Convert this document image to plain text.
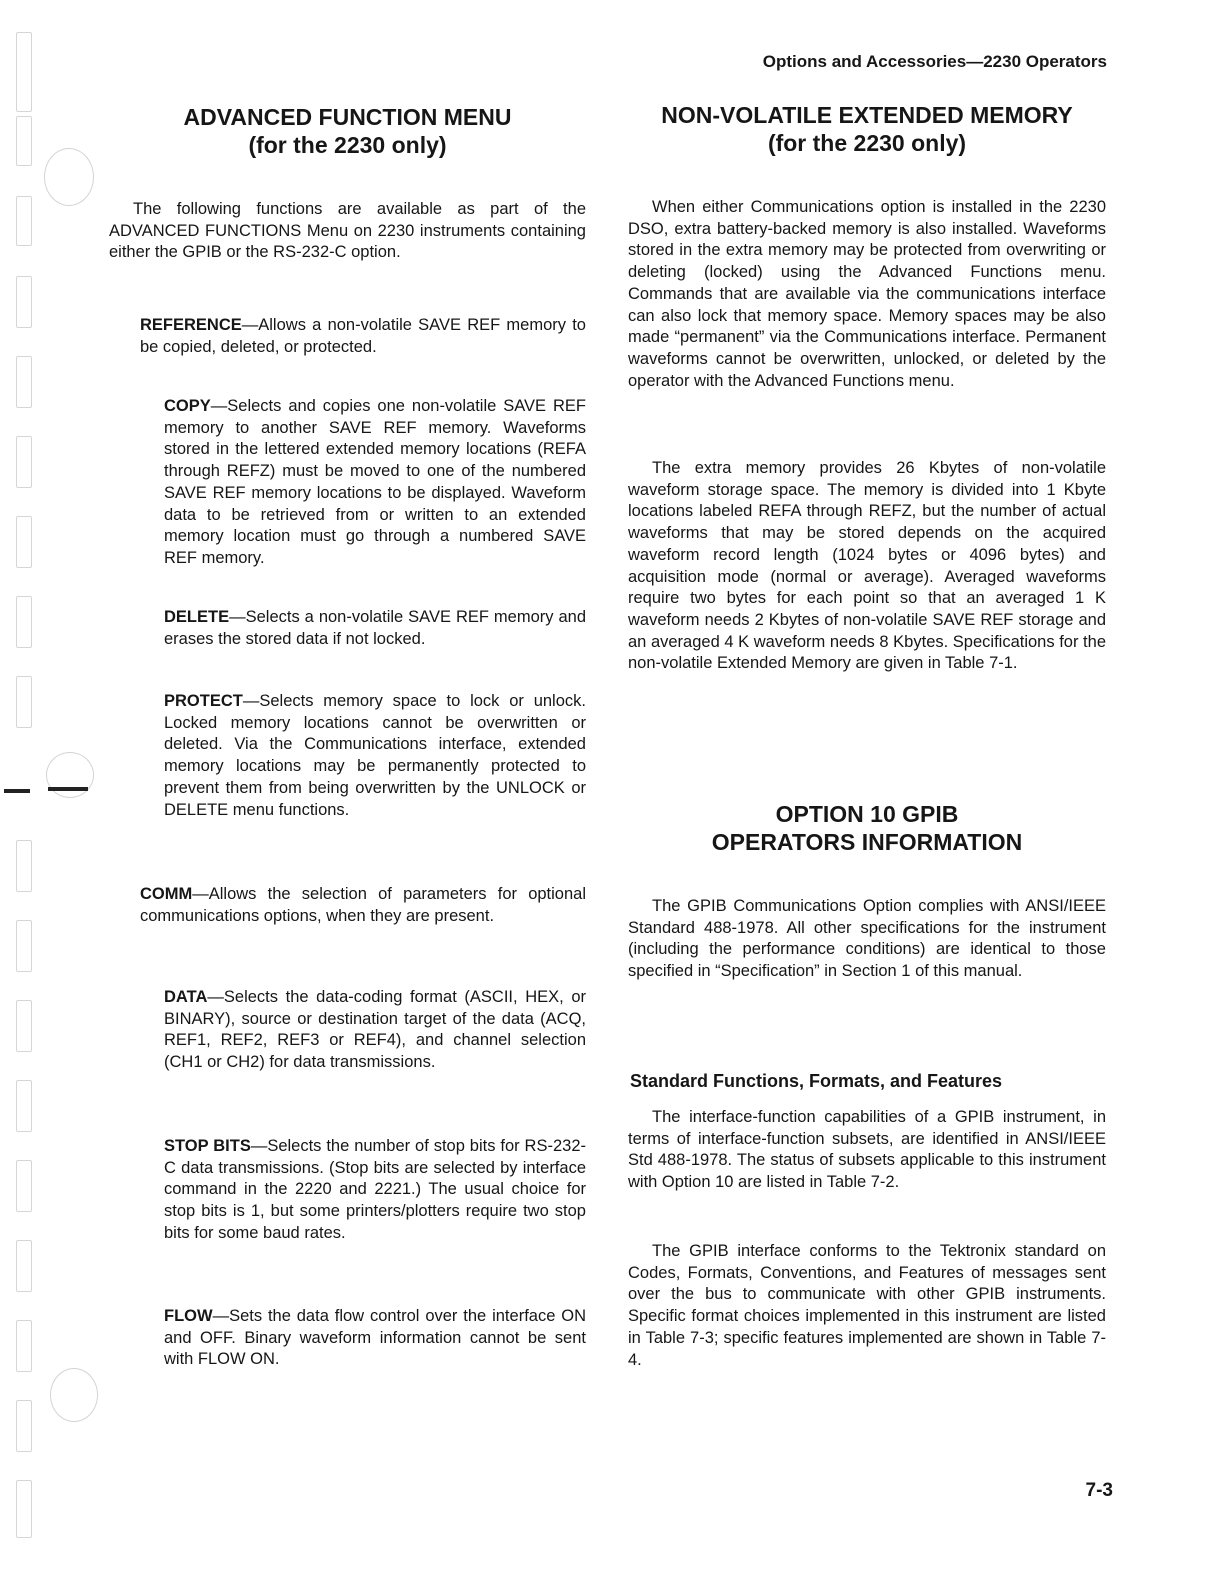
Options and Accessories—2230 Operators

ADVANCED FUNCTION MENU
(for the 2230 only)

The following functions are available as part of the ADVANCED FUNCTIONS Menu on 2230 instruments containing either the GPIB or the RS-232-C option.

REFERENCE—Allows a non-volatile SAVE REF memory to be copied, deleted, or protected.
COPY—Selects and copies one non-volatile SAVE REF memory to another SAVE REF memory. Waveforms stored in the lettered extended memory locations (REFA through REFZ) must be moved to one of the numbered SAVE REF memory locations to be displayed. Waveform data to be retrieved from or written to an extended memory location must go through a numbered SAVE REF memory.
DELETE—Selects a non-volatile SAVE REF memory and erases the stored data if not locked.
PROTECT—Selects memory space to lock or unlock. Locked memory locations cannot be overwritten or deleted. Via the Communications interface, extended memory locations may be permanently protected to prevent them from being overwritten by the UNLOCK or DELETE menu functions.
COMM—Allows the selection of parameters for optional communications options, when they are present.
DATA—Selects the data-coding format (ASCII, HEX, or BINARY), source or destination target of the data (ACQ, REF1, REF2, REF3 or REF4), and channel selection (CH1 or CH2) for data transmissions.
STOP BITS—Selects the number of stop bits for RS-232-C data transmissions. (Stop bits are selected by interface command in the 2220 and 2221.) The usual choice for stop bits is 1, but some printers/plotters require two stop bits for some baud rates.
FLOW—Sets the data flow control over the interface ON and OFF. Binary waveform information cannot be sent with FLOW ON.
NON-VOLATILE EXTENDED MEMORY
(for the 2230 only)

When either Communications option is installed in the 2230 DSO, extra battery-backed memory is also installed. Waveforms stored in the extra memory may be protected from overwriting or deleting (locked) using the Advanced Functions menu. Commands that are available via the communications interface can also lock that memory space. Memory spaces may be also made “permanent” via the Communications interface. Permanent waveforms cannot be overwritten, unlocked, or deleted by the operator with the Advanced Functions menu.

The extra memory provides 26 Kbytes of non-volatile waveform storage space. The memory is divided into 1 Kbyte locations labeled REFA through REFZ, but the number of actual waveforms that may be stored depends on the acquired waveform record length (1024 bytes or 4096 bytes) and acquisition mode (normal or average). Averaged waveforms require two bytes for each point so that an averaged 1 K waveform needs 2 Kbytes of non-volatile SAVE REF storage and an averaged 4 K waveform needs 8 Kbytes. Specifications for the non-volatile Extended Memory are given in Table 7-1.

OPTION 10 GPIB
OPERATORS INFORMATION

The GPIB Communications Option complies with ANSI/IEEE Standard 488-1978. All other specifications for the instrument (including the performance conditions) are identical to those specified in “Specification” in Section 1 of this manual.

Standard Functions, Formats, and Features

The interface-function capabilities of a GPIB instrument, in terms of interface-function subsets, are identified in ANSI/IEEE Std 488-1978. The status of subsets applicable to this instrument with Option 10 are listed in Table 7-2.

The GPIB interface conforms to the Tektronix standard on Codes, Formats, Conventions, and Features of messages sent over the bus to communicate with other GPIB instruments. Specific format choices implemented in this instrument are listed in Table 7-3; specific features implemented are shown in Table 7-4.

7-3
